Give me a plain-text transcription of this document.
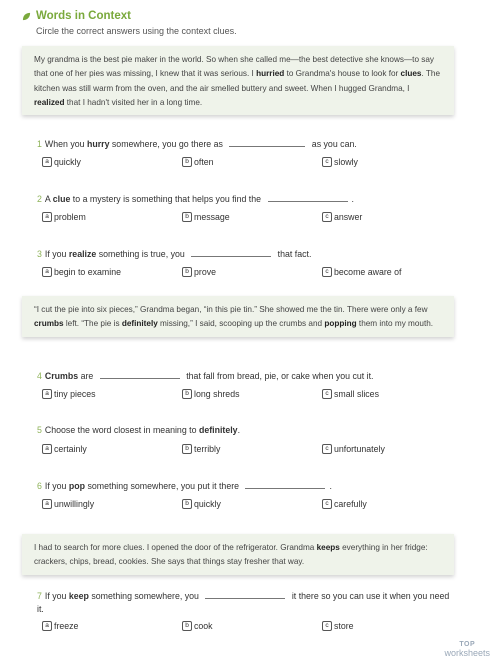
Words in Context
Circle the correct answers using the context clues.
My grandma is the best pie maker in the world. So when she called me—the best detective she knows—to say that one of her pies was missing, I knew that it was serious. I hurried to Grandma's house to look for clues. The kitchen was still warm from the oven, and the air smelled buttery and sweet. When I hugged Grandma, I realized that I hadn't visited her in a long time.
1 When you hurry somewhere, you go there as	as you can.
a quickly	b often	c slowly
2 A clue to a mystery is something that helps you find the	.
a problem	b message	c answer
3 If you realize something is true, you	that fact.
a begin to examine	b prove	c become aware of
“I cut the pie into six pieces,” Grandma began, “in this pie tin.” She showed me the tin. There were only a few crumbs left. “The pie is definitely missing,” I said, scooping up the crumbs and popping them into my mouth.
4 Crumbs are	that fall from bread, pie, or cake when you cut it.
a tiny pieces	b long shreds	c small slices
5 Choose the word closest in meaning to definitely.
a certainly	b terribly	c unfortunately
6 If you pop something somewhere, you put it there	.
a unwillingly	b quickly	c carefully
I had to search for more clues. I opened the door of the refrigerator. Grandma keeps everything in her fridge: crackers, chips, bread, cookies. She says that things stay fresher that way.
7 If you keep something somewhere, you	it there so you can use it when you need it.
a freeze	b cook	c store
TOP
worksheets
